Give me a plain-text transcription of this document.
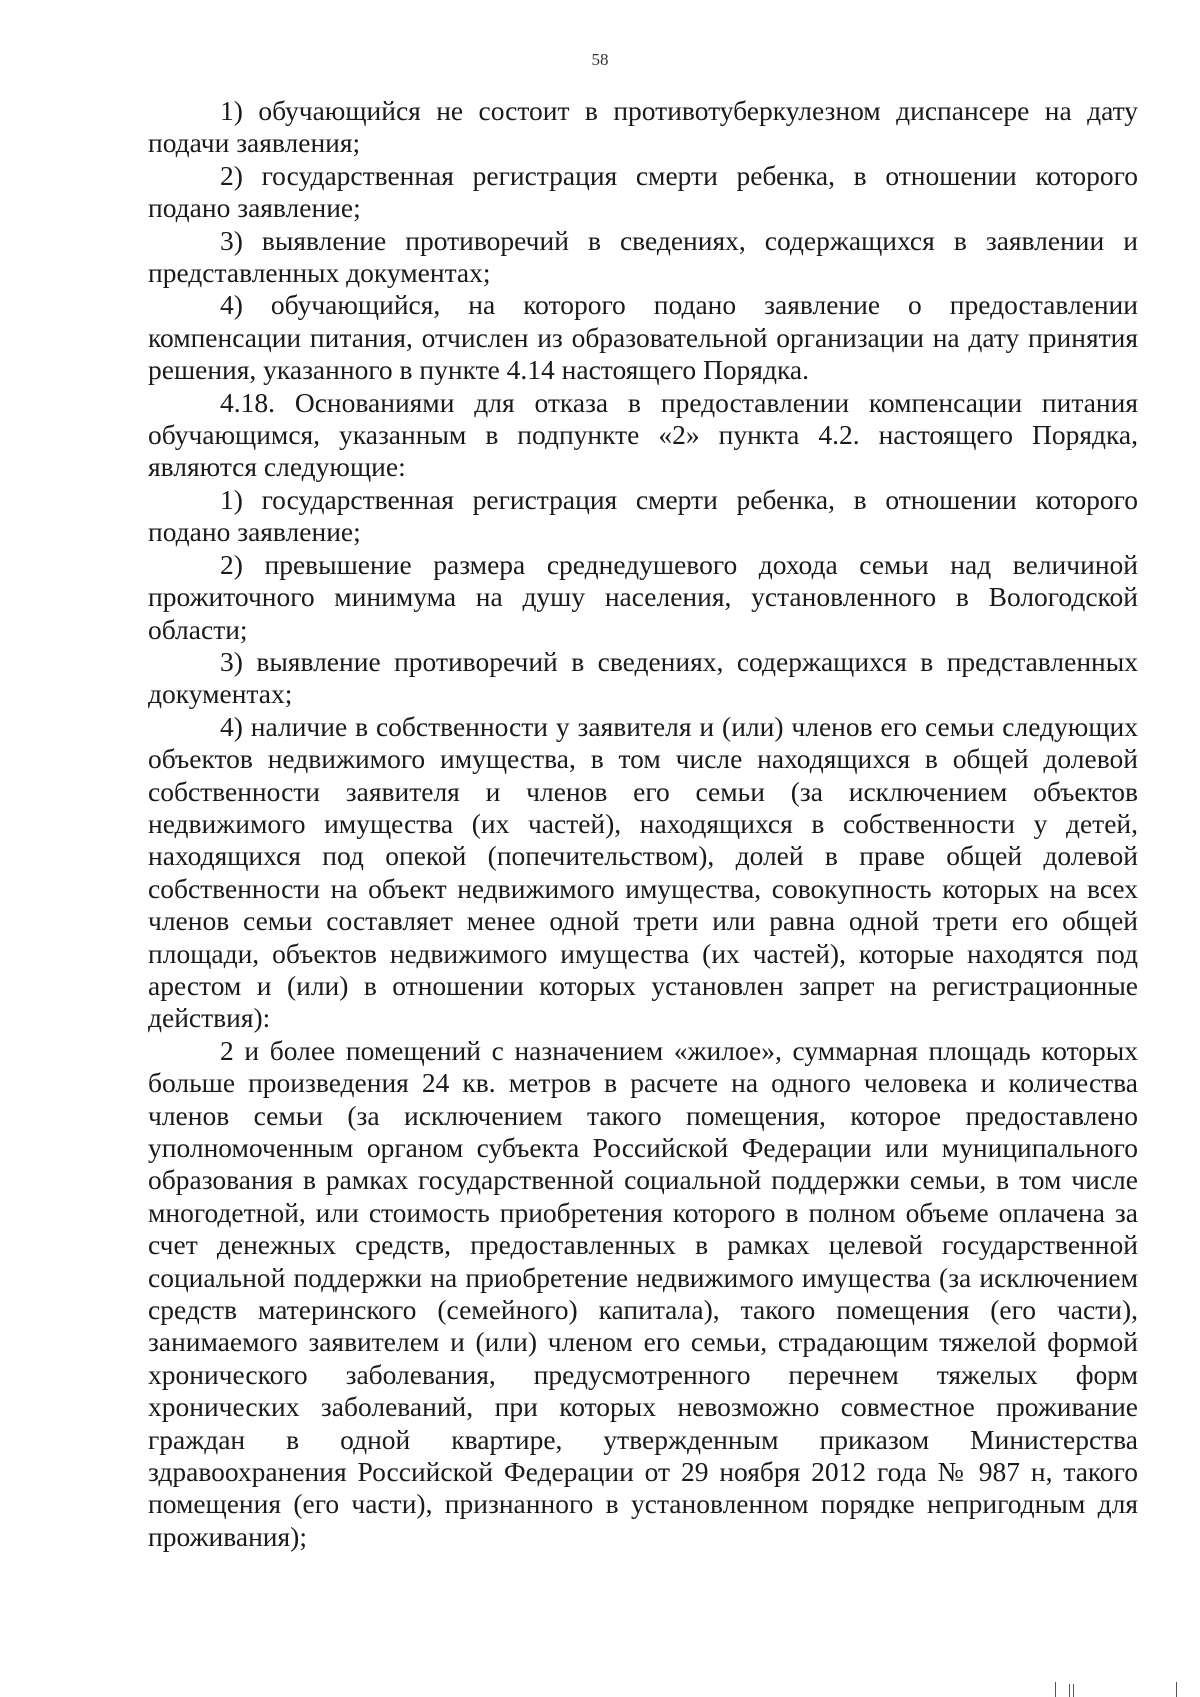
58

1) обучающийся не состоит в противотуберкулезном диспансере на дату подачи заявления;

2) государственная регистрация смерти ребенка, в отношении которого подано заявление;

3) выявление противоречий в сведениях, содержащихся в заявлении и представленных документах;

4) обучающийся, на которого подано заявление о предоставлении компенсации питания, отчислен из образовательной организации на дату принятия решения, указанного в пункте 4.14 настоящего Порядка.

4.18. Основаниями для отказа в предоставлении компенсации питания обучающимся, указанным в подпункте «2» пункта 4.2. настоящего Порядка, являются следующие:

1) государственная регистрация смерти ребенка, в отношении которого подано заявление;

2) превышение размера среднедушевого дохода семьи над величиной прожиточного минимума на душу населения, установленного в Вологодской области;

3) выявление противоречий в сведениях, содержащихся в представленных документах;

4) наличие в собственности у заявителя и (или) членов его семьи следующих объектов недвижимого имущества, в том числе находящихся в общей долевой собственности заявителя и членов его семьи (за исключением объектов недвижимого имущества (их частей), находящихся в собственности у детей, находящихся под опекой (попечительством), долей в праве общей долевой собственности на объект недвижимого имущества, совокупность которых на всех членов семьи составляет менее одной трети или равна одной трети его общей площади, объектов недвижимого имущества (их частей), которые находятся под арестом и (или) в отношении которых установлен запрет на регистрационные действия):

2 и более помещений с назначением «жилое», суммарная площадь которых больше произведения 24 кв. метров в расчете на одного человека и количества членов семьи (за исключением такого помещения, которое предоставлено уполномоченным органом субъекта Российской Федерации или муниципального образования в рамках государственной социальной поддержки семьи, в том числе многодетной, или стоимость приобретения которого в полном объеме оплачена за счет денежных средств, предоставленных в рамках целевой государственной социальной поддержки на приобретение недвижимого имущества (за исключением средств материнского (семейного) капитала), такого помещения (его части), занимаемого заявителем и (или) членом его семьи, страдающим тяжелой формой хронического заболевания, предусмотренного перечнем тяжелых форм хронических заболеваний, при которых невозможно совместное проживание граждан в одной квартире, утвержденным приказом Министерства здравоохранения Российской Федерации от 29 ноября 2012 года № 987 н, такого помещения (его части), признанного в установленном порядке непригодным для проживания);
